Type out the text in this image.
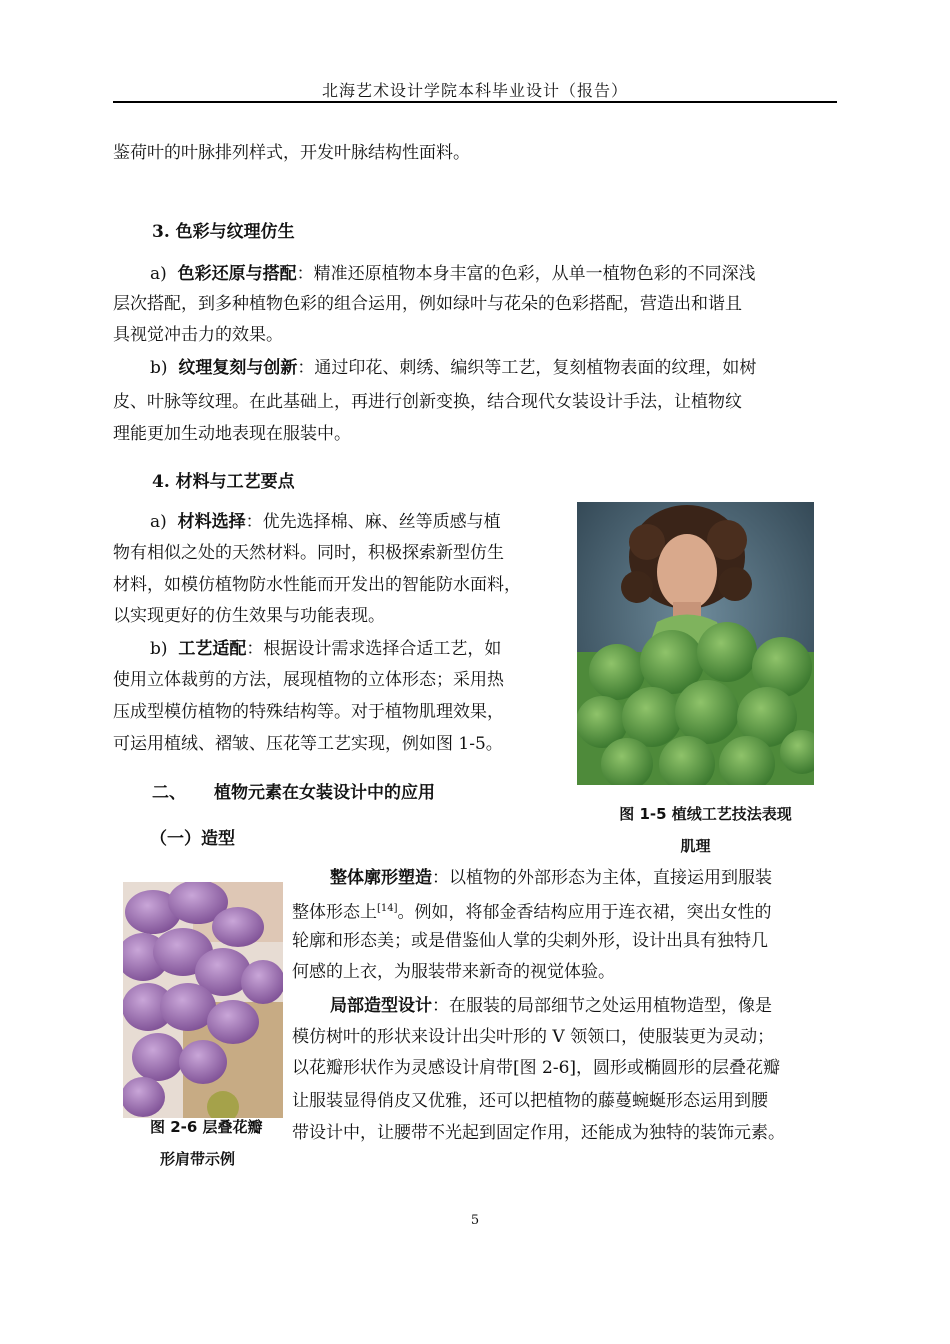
北海艺术设计学院本科毕业设计（报告）
鉴荷叶的叶脉排列样式，开发叶脉结构性面料。
3. 色彩与纹理仿生
a) 色彩还原与搭配：精准还原植物本身丰富的色彩，从单一植物色彩的不同深浅
层次搭配，到多种植物色彩的组合运用，例如绿叶与花朵的色彩搭配，营造出和谐且
具视觉冲击力的效果。
b) 纹理复刻与创新：通过印花、刺绣、编织等工艺，复刻植物表面的纹理，如树
皮、叶脉等纹理。在此基础上，再进行创新变换，结合现代女装设计手法，让植物纹
理能更加生动地表现在服装中。
4. 材料与工艺要点
a) 材料选择：优先选择棉、麻、丝等质感与植
物有相似之处的天然材料。同时，积极探索新型仿生
材料，如模仿植物防水性能而开发出的智能防水面料，
以实现更好的仿生效果与功能表现。
b) 工艺适配：根据设计需求选择合适工艺，如
使用立体裁剪的方法，展现植物的立体形态；采用热
压成型模仿植物的特殊结构等。对于植物肌理效果，
可运用植绒、褶皱、压花等工艺实现，例如图 1-5。
图 1-5 植绒工艺技法表现
肌理
二、 植物元素在女装设计中的应用
（一）造型
图 2-6 层叠花瓣
形肩带示例
整体廓形塑造：以植物的外部形态为主体，直接运用到服装
整体形态上[14]。例如，将郁金香结构应用于连衣裙，突出女性的
轮廓和形态美；或是借鉴仙人掌的尖刺外形，设计出具有独特几
何感的上衣，为服装带来新奇的视觉体验。
局部造型设计：在服装的局部细节之处运用植物造型，像是
模仿树叶的形状来设计出尖叶形的 V 领领口，使服装更为灵动；
以花瓣形状作为灵感设计肩带[图 2-6]，圆形或椭圆形的层叠花瓣
让服装显得俏皮又优雅，还可以把植物的藤蔓蜿蜒形态运用到腰
带设计中，让腰带不光起到固定作用，还能成为独特的装饰元素。
5
